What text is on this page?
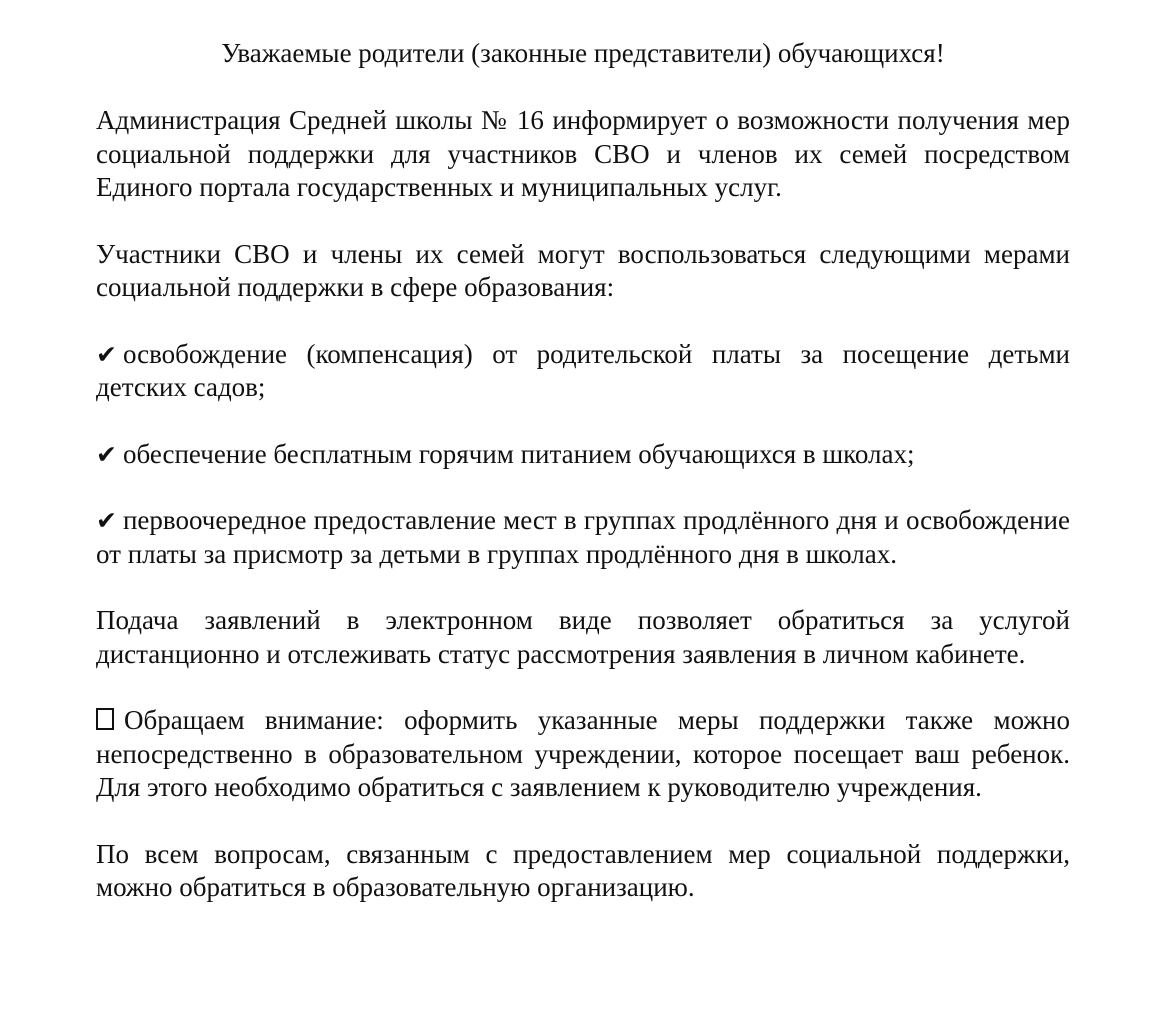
Уважаемые родители (законные представители) обучающихся!
Администрация Средней школы № 16 информирует о возможности получения мер социальной поддержки для участников СВО и членов их семей посредством Единого портала государственных и муниципальных услуг.
Участники СВО и члены их семей могут воспользоваться следующими мерами социальной поддержки в сфере образования:
✔ освобождение (компенсация) от родительской платы за посещение детьми детских садов;
✔ обеспечение бесплатным горячим питанием обучающихся в школах;
✔ первоочередное предоставление мест в группах продлённого дня и освобождение от платы за присмотр за детьми в группах продлённого дня в школах.
Подача заявлений в электронном виде позволяет обратиться за услугой дистанционно и отслеживать статус рассмотрения заявления в личном кабинете.
Обращаем внимание: оформить указанные меры поддержки также можно непосредственно в образовательном учреждении, которое посещает ваш ребенок. Для этого необходимо обратиться с заявлением к руководителю учреждения.
По всем вопросам, связанным с предоставлением мер социальной поддержки, можно обратиться в образовательную организацию.
